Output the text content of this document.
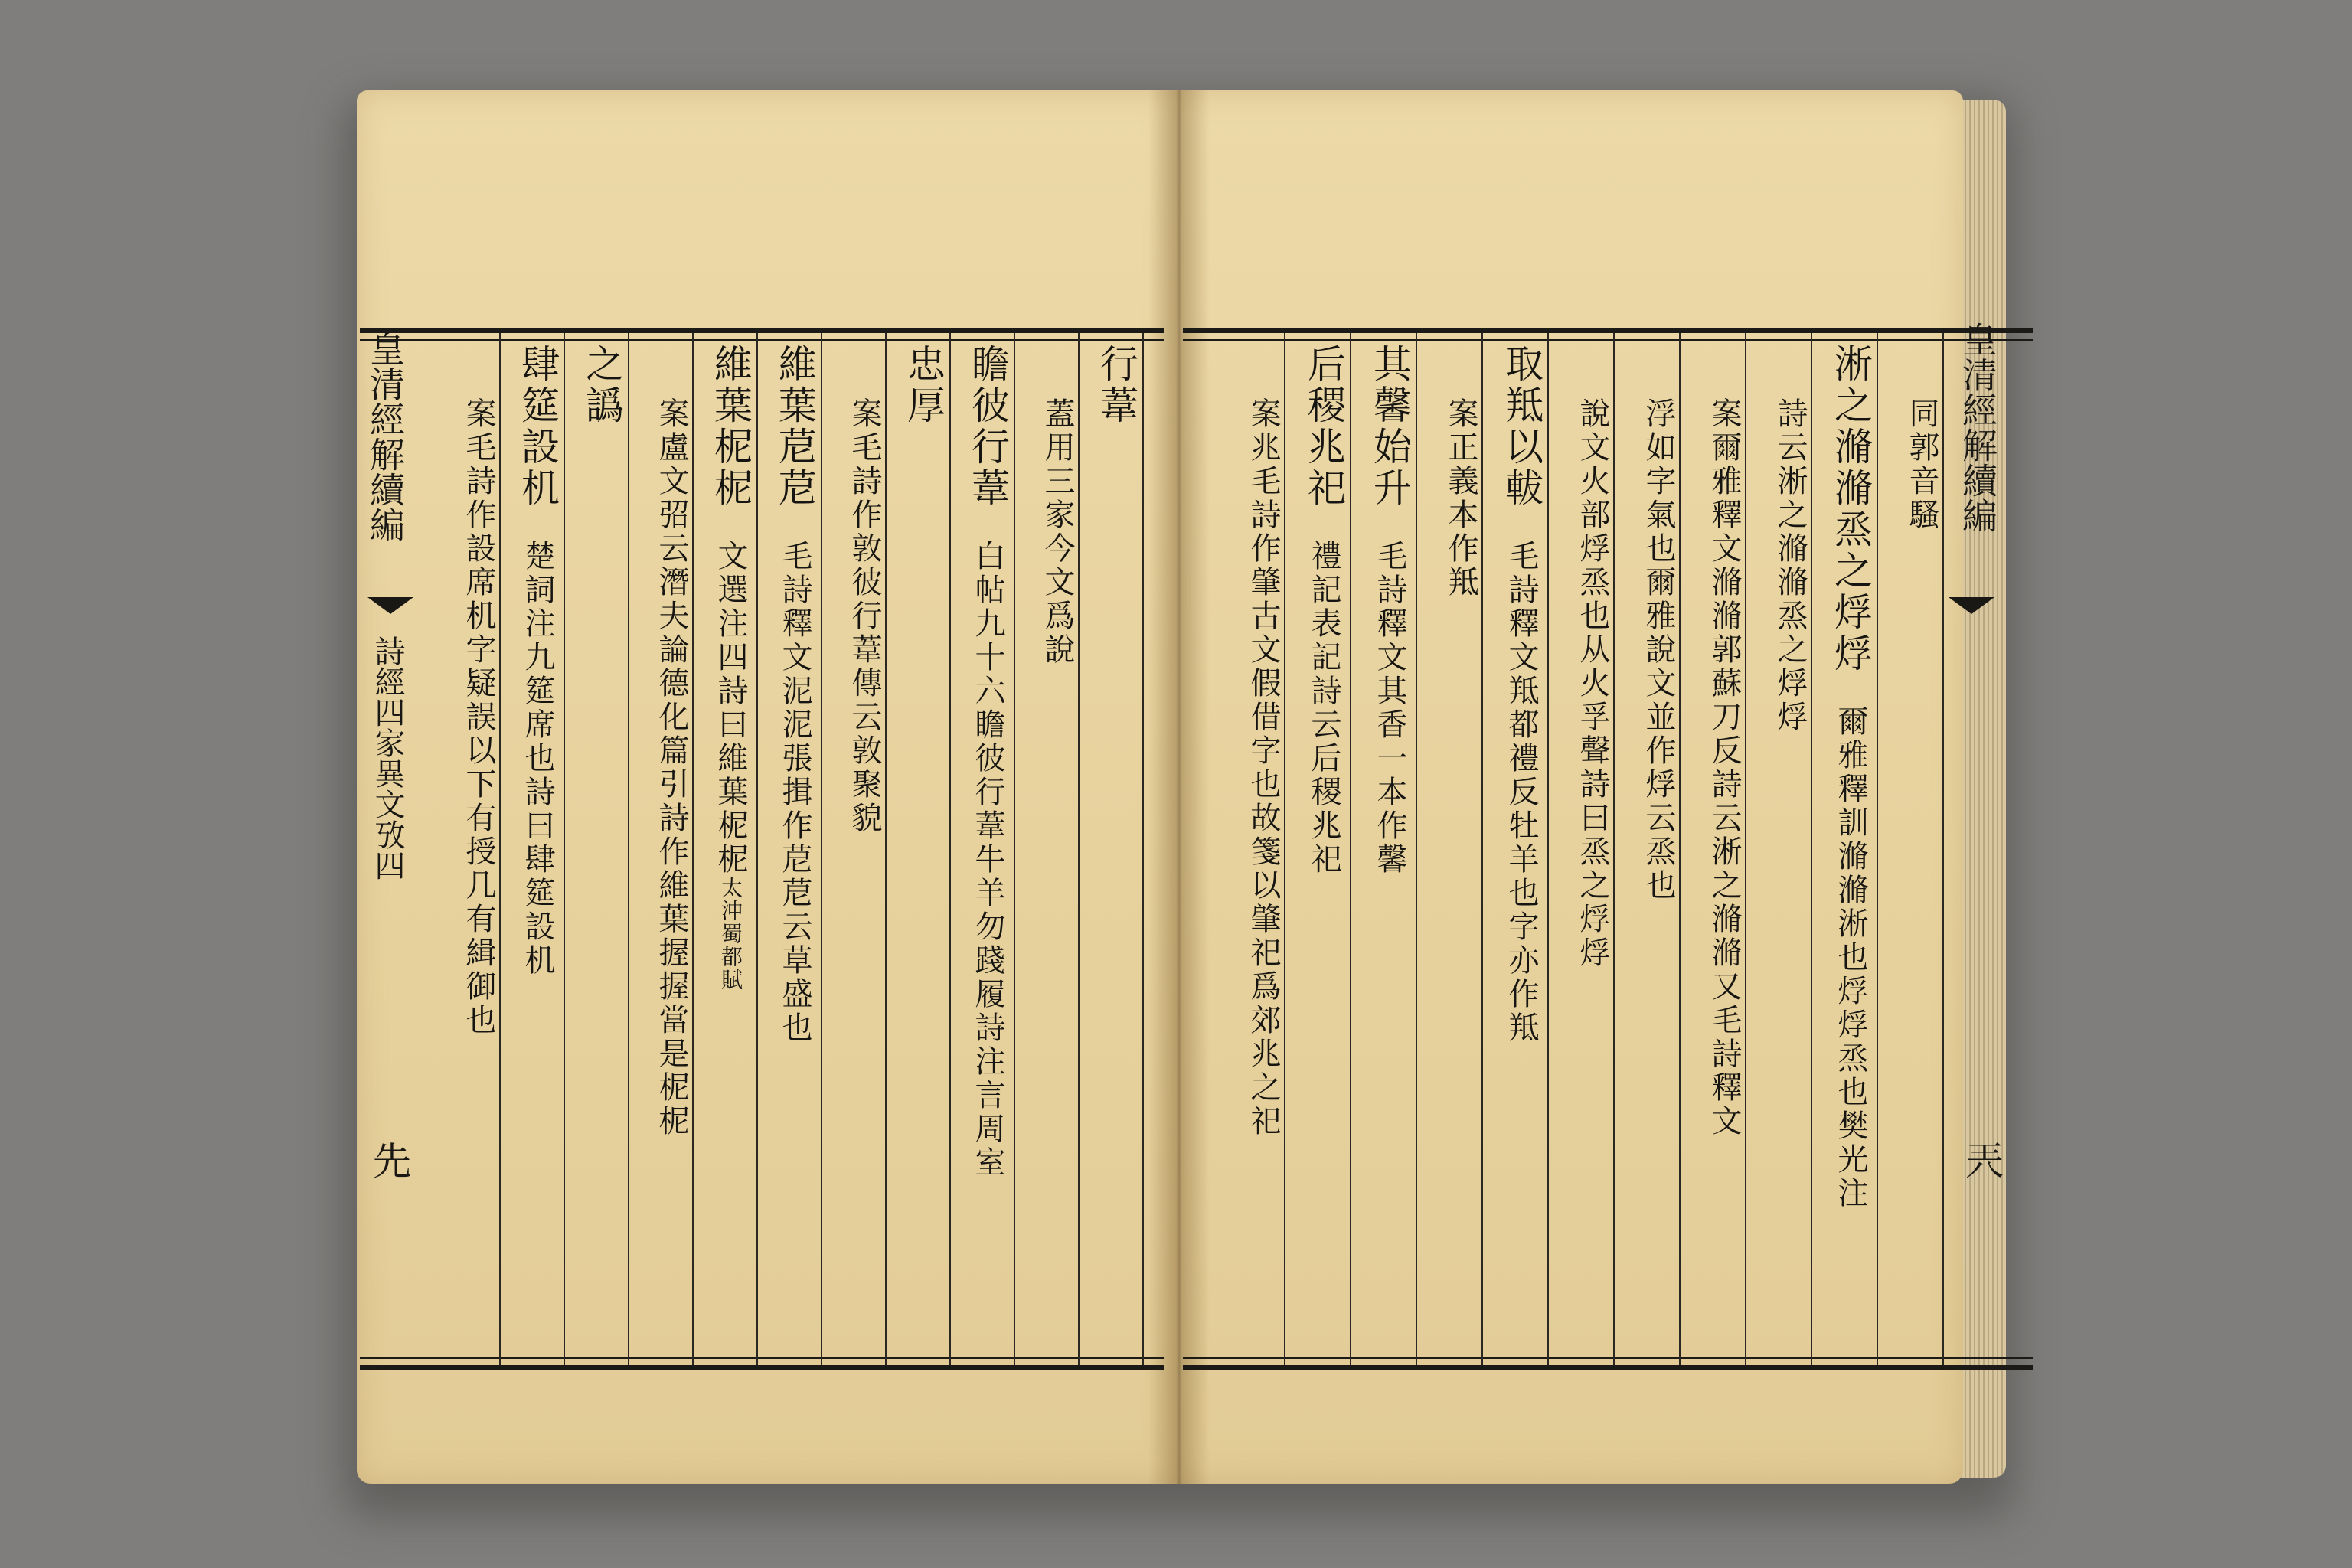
行葦
蓋用三家今文爲說
瞻彼行葦白帖九十六瞻彼行葦牛羊勿踐履詩注言周室
忠厚
案毛詩作敦彼行葦傳云敦聚貌
維葉苨苨毛詩釋文泥泥張揖作苨苨云草盛也
維葉柅柅文選注四詩曰維葉柅柅太沖蜀都賦
案盧文弨云潛夫論德化篇引詩作維葉握握當是柅柅
之譌
肆筵設机楚詞注九筵席也詩曰肆筵設机
案毛詩作設席机字疑誤以下有授几有緝御也
皇清經解續編
詩經四家異文攷四
先
同郭音騷
淅之滫滫烝之烰烰爾雅釋訓滫滫淅也烰烰烝也樊光注
詩云淅之滫滫烝之烰烰
案爾雅釋文滫滫郭蘇刀反詩云淅之滫滫又毛詩釋文
浮如字氣也爾雅說文並作烰云烝也
說文火部烰烝也从火孚聲詩曰烝之烰烰
取羝以軷毛詩釋文羝都禮反牡羊也字亦作羝
案正義本作羝
其馨始升毛詩釋文其香一本作馨
后稷兆祀禮記表記詩云后稷兆祀
案兆毛詩作肇古文假借字也故箋以肇祀爲郊兆之祀	皇清經解續編
兲
